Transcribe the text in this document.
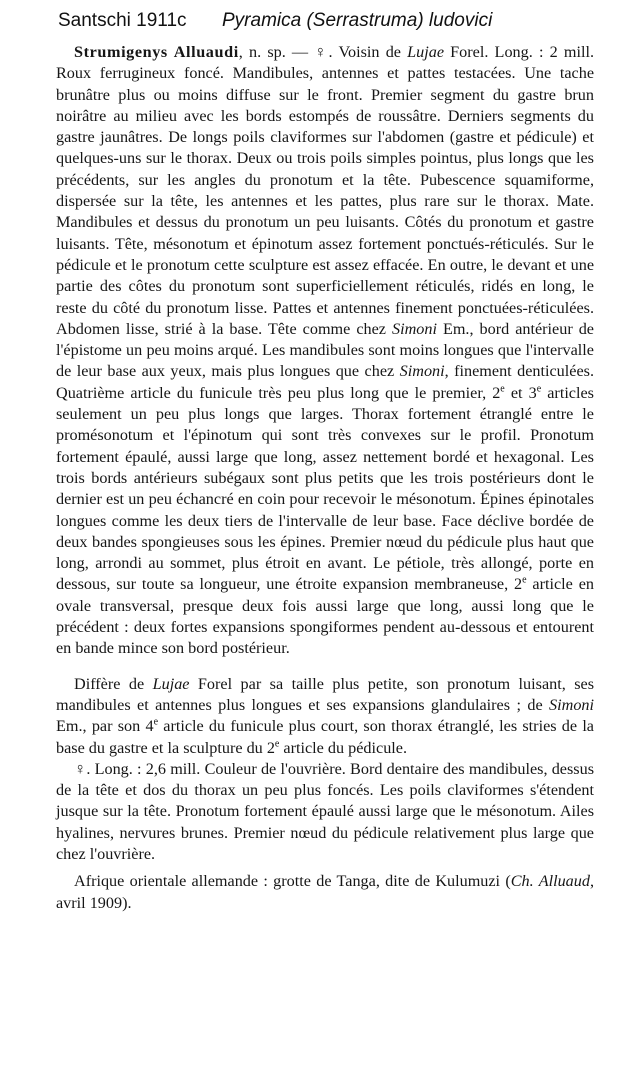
Santschi 1911c Pyramica (Serrastruma) ludovici

Strumigenys Alluaudi, n. sp. — ♀. Voisin de Lujae Forel. Long. : 2 mill. Roux ferrugineux foncé. Mandibules, antennes et pattes testacées. Une tache brunâtre plus ou moins diffuse sur le front. Premier segment du gastre brun noirâtre au milieu avec les bords estompés de roussâtre. Derniers segments du gastre jaunâtres. De longs poils claviformes sur l'abdomen (gastre et pédicule) et quelques-uns sur le thorax. Deux ou trois poils simples pointus, plus longs que les précédents, sur les angles du pronotum et la tête. Pubescence squamiforme, dispersée sur la tête, les antennes et les pattes, plus rare sur le thorax. Mate. Mandibules et dessus du pronotum un peu luisants. Côtés du pronotum et gastre luisants. Tête, mésonotum et épinotum assez fortement ponctués-réticulés. Sur le pédicule et le pronotum cette sculpture est assez effacée. En outre, le devant et une partie des côtes du pronotum sont superficiellement réticulés, ridés en long, le reste du côté du pronotum lisse. Pattes et antennes finement ponctuées-réticulées. Abdomen lisse, strié à la base. Tête comme chez Simoni Em., bord antérieur de l'épistome un peu moins arqué. Les mandibules sont moins longues que l'intervalle de leur base aux yeux, mais plus longues que chez Simoni, finement denticulées. Quatrième article du funicule très peu plus long que le premier, 2e et 3e articles seulement un peu plus longs que larges. Thorax fortement étranglé entre le promésonotum et l'épinotum qui sont très convexes sur le profil. Pronotum fortement épaulé, aussi large que long, assez nettement bordé et hexagonal. Les trois bords antérieurs subégaux sont plus petits que les trois postérieurs dont le dernier est un peu échancré en coin pour recevoir le mésonotum. Épines épinotales longues comme les deux tiers de l'intervalle de leur base. Face déclive bordée de deux bandes spongieuses sous les épines. Premier nœud du pédicule plus haut que long, arrondi au sommet, plus étroit en avant. Le pétiole, très allongé, porte en dessous, sur toute sa longueur, une étroite expansion membraneuse, 2e article en ovale transversal, presque deux fois aussi large que long, aussi long que le précédent : deux fortes expansions spongiformes pendent au-dessous et entourent en bande mince son bord postérieur.

Diffère de Lujae Forel par sa taille plus petite, son pronotum luisant, ses mandibules et antennes plus longues et ses expansions glandulaires ; de Simoni Em., par son 4e article du funicule plus court, son thorax étranglé, les stries de la base du gastre et la sculpture du 2e article du pédicule.

♀. Long. : 2,6 mill. Couleur de l'ouvrière. Bord dentaire des mandibules, dessus de la tête et dos du thorax un peu plus foncés. Les poils claviformes s'étendent jusque sur la tête. Pronotum fortement épaulé aussi large que le mésonotum. Ailes hyalines, nervures brunes. Premier nœud du pédicule relativement plus large que chez l'ouvrière.

Afrique orientale allemande : grotte de Tanga, dite de Kulumuzi (Ch. Alluaud, avril 1909).
